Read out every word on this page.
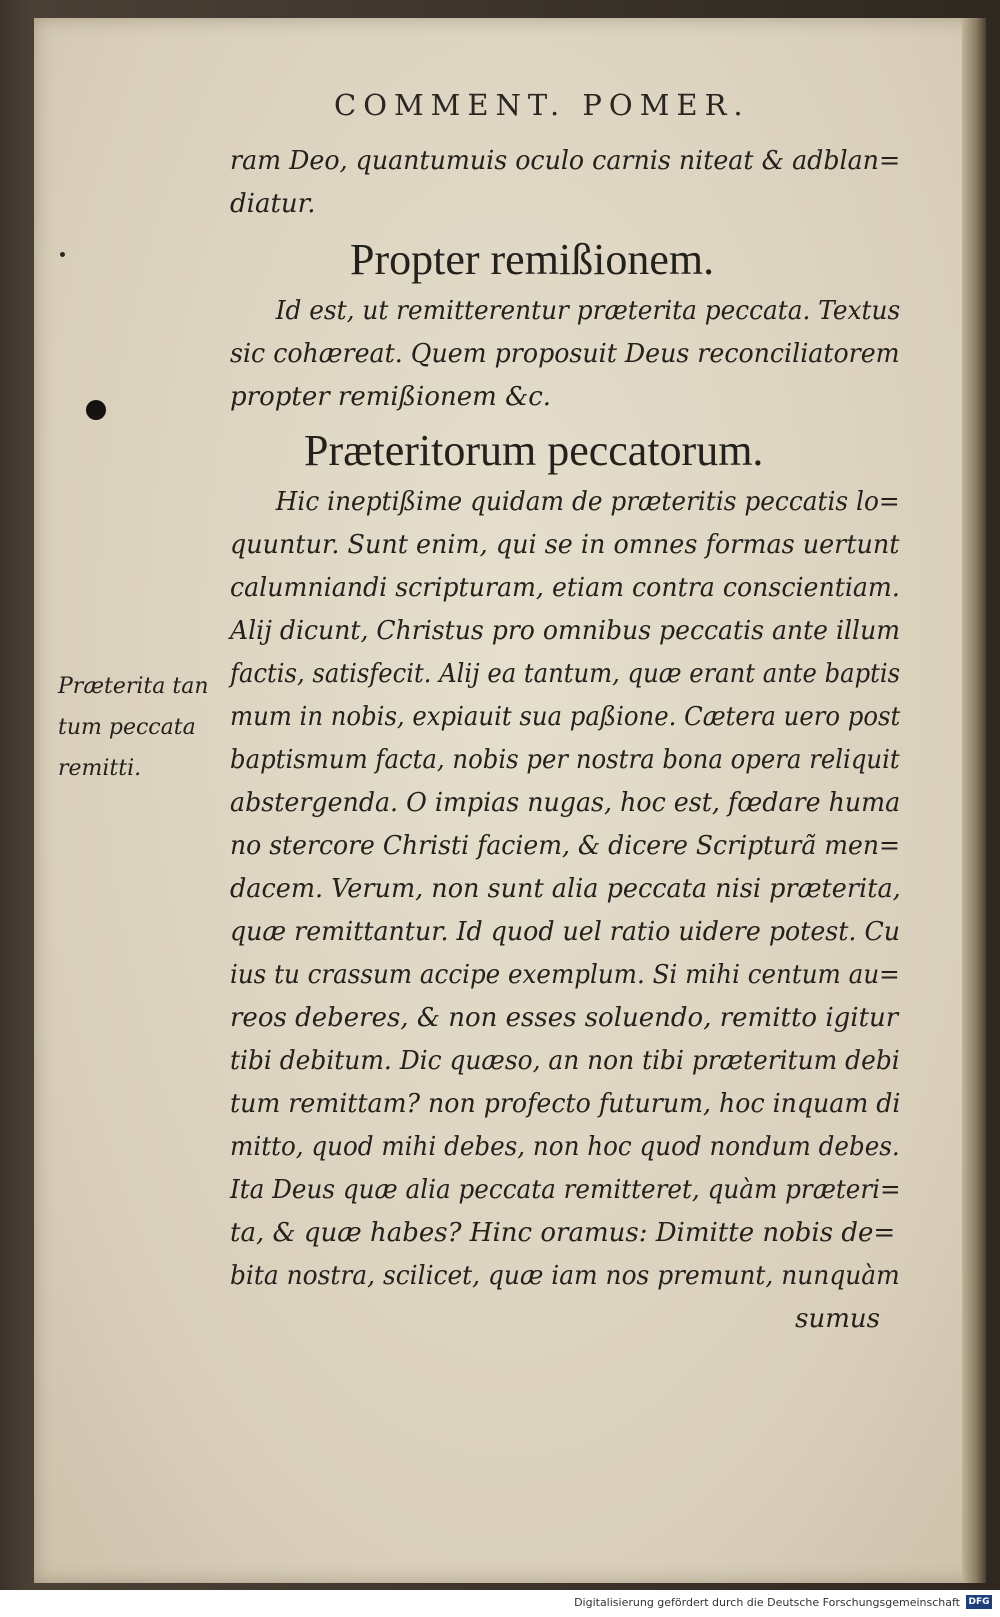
COMMENT. POMER.
Præterita tan
tum peccata
remitti.
ram Deo, quantumuis oculo carnis niteat & adblan=
diatur.
Propter remißionem.
Id est, ut remitterentur præterita peccata. Textus
sic cohæreat. Quem proposuit Deus reconciliatorem
propter remißionem &c.
Præteritorum peccatorum.
Hic ineptißime quidam de præteritis peccatis lo=
quuntur. Sunt enim, qui se in omnes formas uertunt
calumniandi scripturam, etiam contra conscientiam.
Alij dicunt, Christus pro omnibus peccatis ante illum
factis, satisfecit. Alij ea tantum, quæ erant ante baptis
mum in nobis, expiauit sua paßione. Cætera uero post
baptismum facta, nobis per nostra bona opera reliquit
abstergenda. O impias nugas, hoc est, fœdare huma
no stercore Christi faciem, & dicere Scripturã men=
dacem. Verum, non sunt alia peccata nisi præterita,
quæ remittantur. Id quod uel ratio uidere potest. Cu
ius tu crassum accipe exemplum. Si mihi centum au=
reos deberes, & non esses soluendo, remitto igitur
tibi debitum. Dic quæso, an non tibi præteritum debi
tum remittam? non profecto futurum, hoc inquam di
mitto, quod mihi debes, non hoc quod nondum debes.
Ita Deus quæ alia peccata remitteret, quàm præteri=
ta, & quæ habes? Hinc oramus: Dimitte nobis de=
bita nostra, scilicet, quæ iam nos premunt, nunquàm
sumus
Digitalisierung gefördert durch die Deutsche Forschungsgemeinschaft DFG
